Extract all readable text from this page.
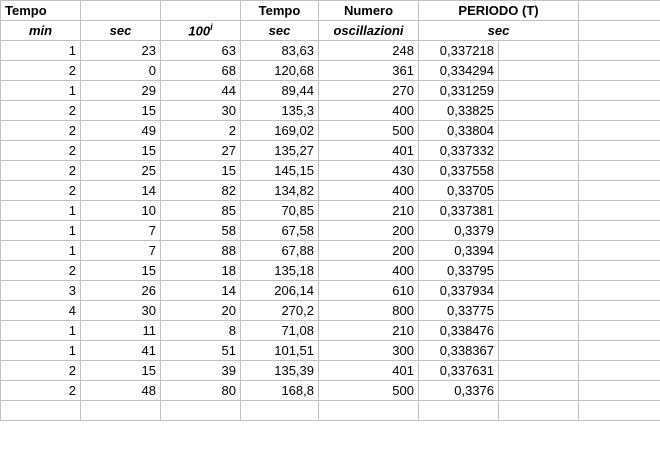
Tempo			Tempo	Numero	PERIODO (T)		
min	sec	100$^i$	sec	oscillazioni	sec		
1	23	63	83,63	248	0,337218		
2	0	68	120,68	361	0,334294		
1	29	44	89,44	270	0,331259		
2	15	30	135,3	400	0,33825		
2	49	2	169,02	500	0,33804		
2	15	27	135,27	401	0,337332		
2	25	15	145,15	430	0,337558		
2	14	82	134,82	400	0,33705		
1	10	85	70,85	210	0,337381		
1	7	58	67,58	200	0,3379		
1	7	88	67,88	200	0,3394		
2	15	18	135,18	400	0,33795		
3	26	14	206,14	610	0,337934		
4	30	20	270,2	800	0,33775		
1	11	8	71,08	210	0,338476		
1	41	51	101,51	300	0,338367		
2	15	39	135,39	401	0,337631		
2	48	80	168,8	500	0,3376		
